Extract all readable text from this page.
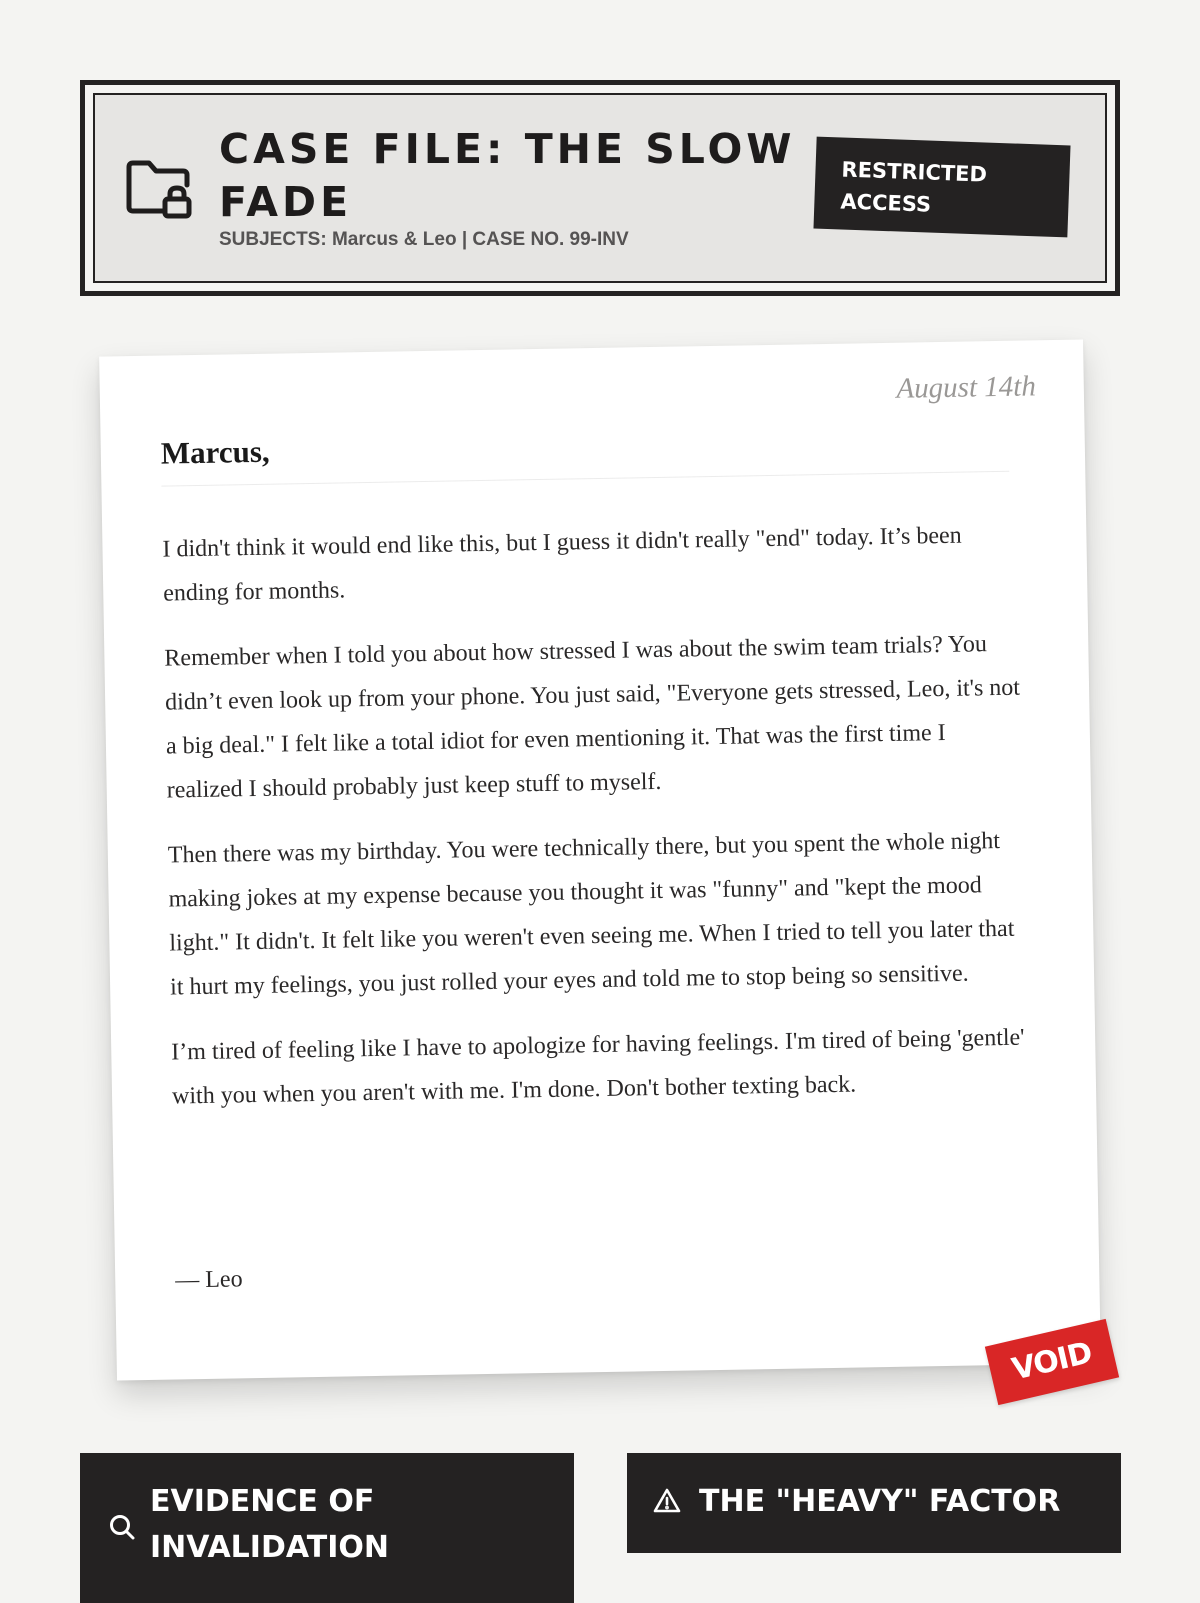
CASE FILE: THE SLOW FADE
SUBJECTS: Marcus & Leo | CASE NO. 99-INV
RESTRICTED ACCESS
August 14th
Marcus,

I didn't think it would end like this, but I guess it didn't really "end" today. It’s been ending for months.

Remember when I told you about how stressed I was about the swim team trials? You didn’t even look up from your phone. You just said, "Everyone gets stressed, Leo, it's not a big deal." I felt like a total idiot for even mentioning it. That was the first time I realized I should probably just keep stuff to myself.

Then there was my birthday. You were technically there, but you spent the whole night making jokes at my expense because you thought it was "funny" and "kept the mood light." It didn't. It felt like you weren't even seeing me. When I tried to tell you later that it hurt my feelings, you just rolled your eyes and told me to stop being so sensitive.

I’m tired of feeling like I have to apologize for having feelings. I'm tired of being 'gentle' with you when you aren't with me. I'm done. Don't bother texting back.

— Leo
VOID
EVIDENCE OF INVALIDATION
THE "HEAVY" FACTOR
